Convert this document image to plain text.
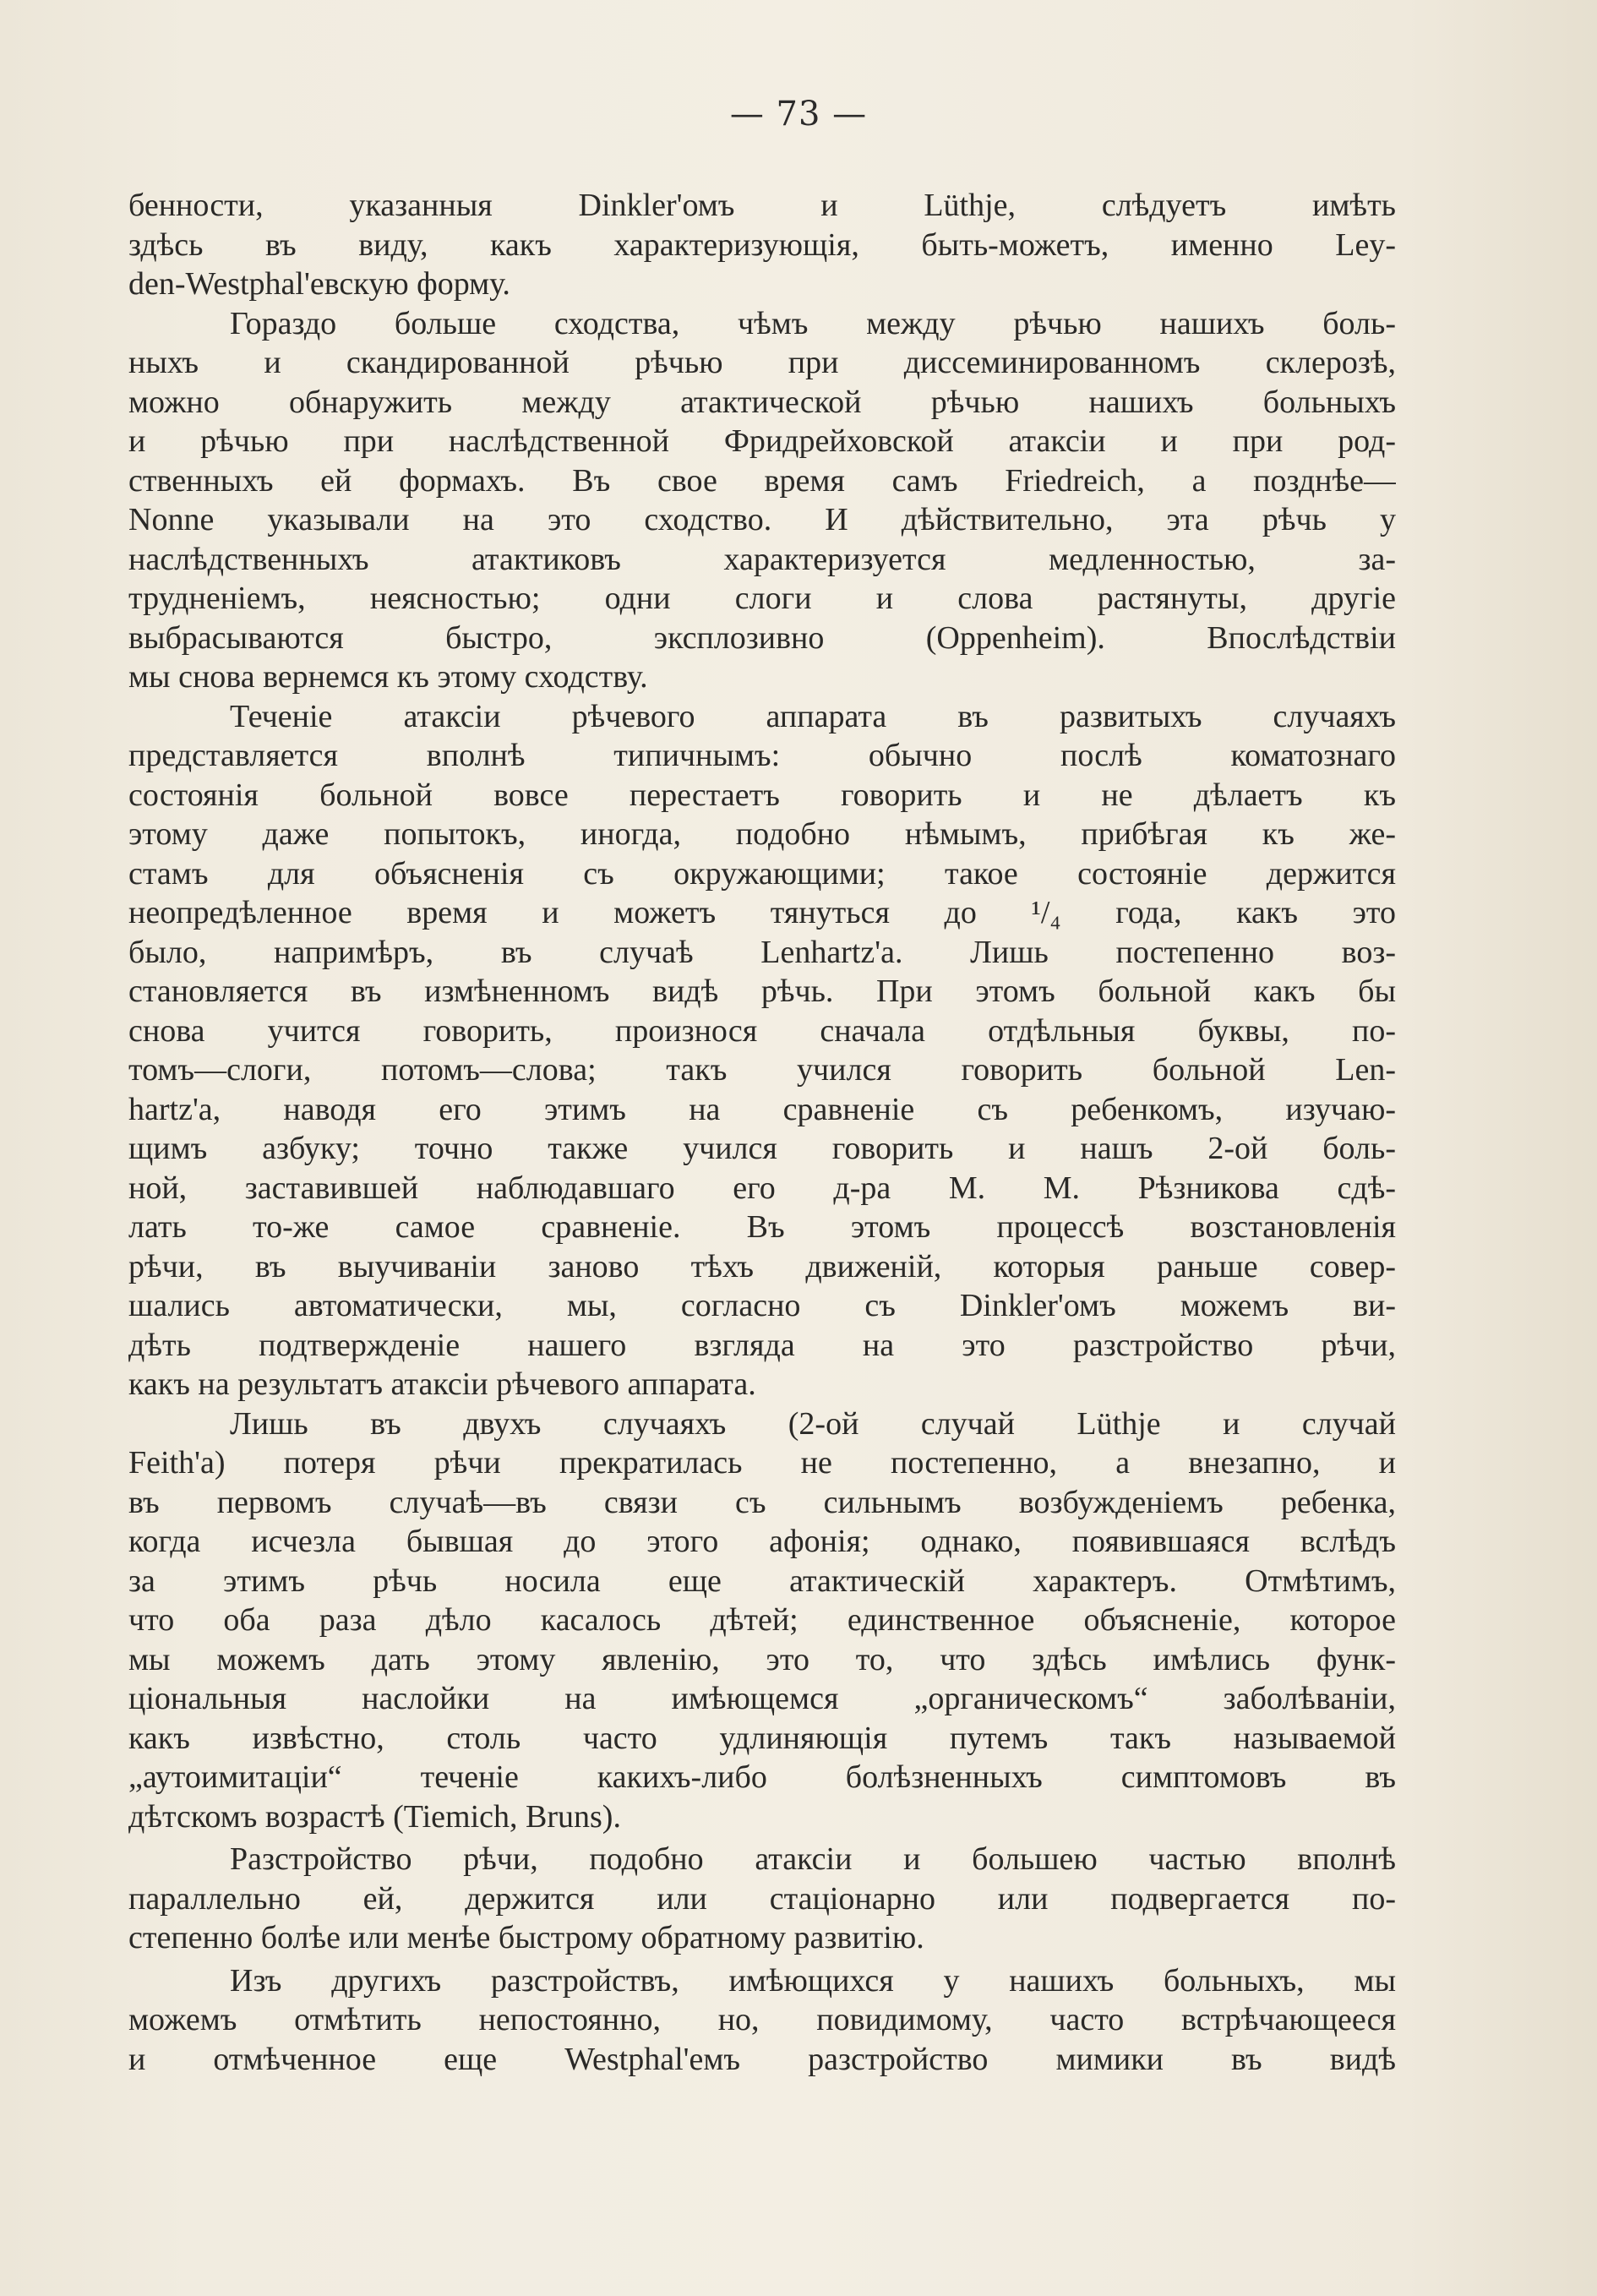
— 73 —
бенности, указанныя Dinkler'омъ и Lüthje, слѣдуетъ имѣть
здѣсь въ виду, какъ характеризующія, быть-можетъ, именно Ley-
den-Westphal'евскую форму.
Гораздо больше сходства, чѣмъ между рѣчью нашихъ боль-
ныхъ и скандированной рѣчью при диссеминированномъ склерозѣ,
можно обнаружить между атактической рѣчью нашихъ больныхъ
и рѣчью при наслѣдственной Фридрейховской атаксіи и при род-
ственныхъ ей формахъ. Въ свое время самъ Friedreich, а позднѣе—
Nonne указывали на это сходство. И дѣйствительно, эта рѣчь у
наслѣдственныхъ атактиковъ характеризуется медленностью, за-
трудненіемъ, неясностью; одни слоги и слова растянуты, другіе
выбрасываются быстро, эксплозивно (Oppenheim). Впослѣдствіи
мы снова вернемся къ этому сходству.
Теченіе атаксіи рѣчевого аппарата въ развитыхъ случаяхъ
представляется вполнѣ типичнымъ: обычно послѣ коматознаго
состоянія больной вовсе перестаетъ говорить и не дѣлаетъ къ
этому даже попытокъ, иногда, подобно нѣмымъ, прибѣгая къ же-
стамъ для объясненія съ окружающими; такое состояніе держится
неопредѣленное время и можетъ тянуться до ¹/₄ года, какъ это
было, напримѣръ, въ случаѣ Lenhartz'a. Лишь постепенно воз-
становляется въ измѣненномъ видѣ рѣчь. При этомъ больной какъ бы
снова учится говорить, произнося сначала отдѣльныя буквы, по-
томъ—слоги, потомъ—слова; такъ учился говорить больной Len-
hartz'a, наводя его этимъ на сравненіе съ ребенкомъ, изучаю-
щимъ азбуку; точно также учился говорить и нашъ 2-ой боль-
ной, заставившей наблюдавшаго его д-ра М. М. Рѣзникова сдѣ-
лать то-же самое сравненіе. Въ этомъ процессѣ возстановленія
рѣчи, въ выучиваніи заново тѣхъ движеній, которыя раньше совер-
шались автоматически, мы, согласно съ Dinkler'омъ можемъ ви-
дѣть подтвержденіе нашего взгляда на это разстройство рѣчи,
какъ на результатъ атаксіи рѣчевого аппарата.
Лишь въ двухъ случаяхъ (2-ой случай Lüthje и случай
Feith'a) потеря рѣчи прекратилась не постепенно, а внезапно, и
въ первомъ случаѣ—въ связи съ сильнымъ возбужденіемъ ребенка,
когда исчезла бывшая до этого афонія; однако, появившаяся вслѣдъ
за этимъ рѣчь носила еще атактическій характеръ. Отмѣтимъ,
что оба раза дѣло касалось дѣтей; единственное объясненіе, которое
мы можемъ дать этому явленію, это то, что здѣсь имѣлись функ-
ціональныя наслойки на имѣющемся „органическомъ“ заболѣваніи,
какъ извѣстно, столь часто удлиняющія путемъ такъ называемой
„аутоимитаціи“ теченіе какихъ-либо болѣзненныхъ симптомовъ въ
дѣтскомъ возрастѣ (Tiemich, Bruns).
Разстройство рѣчи, подобно атаксіи и большею частью вполнѣ
параллельно ей, держится или стаціонарно или подвергается по-
степенно болѣе или менѣе быстрому обратному развитію.
Изъ другихъ разстройствъ, имѣющихся у нашихъ больныхъ, мы
можемъ отмѣтить непостоянно, но, повидимому, часто встрѣчающееся
и отмѣченное еще Westphal'емъ разстройство мимики въ видѣ
